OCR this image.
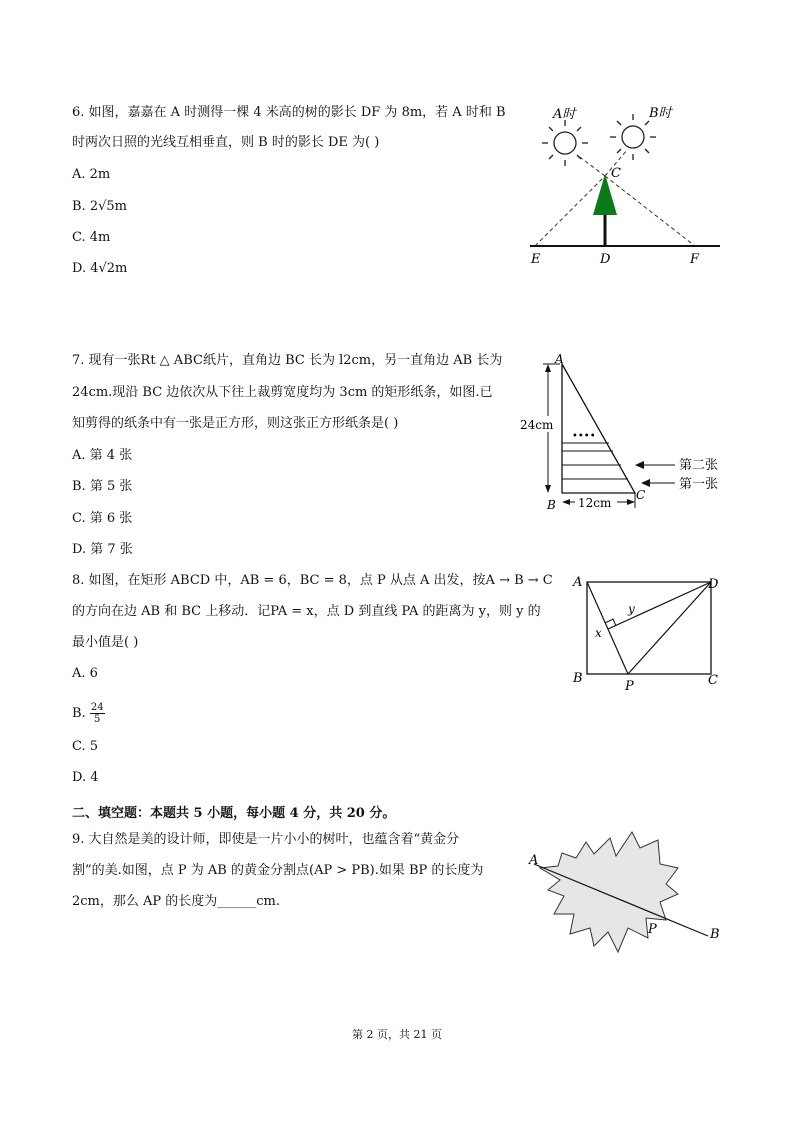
6. 如图，嘉嘉在 A 时测得一棵 4 米高的树的影长 DF 为 8m，若 A 时和 B
时两次日照的光线互相垂直，则 B 时的影长 DE 为( )
A. 2m
B. 2√5m
C. 4m
D. 4√2m
A时	B时
C
E	D	F
7. 现有一张Rt △ ABC纸片，直角边 BC 长为 l2cm，另一直角边 AB 长为
24cm.现沿 BC 边依次从下往上裁剪宽度均为 3cm 的矩形纸条，如图.已
知剪得的纸条中有一张是正方形，则这张正方形纸条是( )
A. 第 4 张
B. 第 5 张
C. 第 6 张
D. 第 7 张
••••
24cm
12cm
A
B
C
第二张
第一张
8. 如图，在矩形 ABCD 中，AB = 6，BC = 8，点 P 从点 A 出发，按A → B → C
的方向在边 AB 和 BC 上移动．记PA = x，点 D 到直线 PA 的距离为 y，则 y 的
最小值是( )
A. 6
B. $\frac{24}{5}$
C. 5
D. 4
A	D
B	C
P
x
y
二、填空题：本题共 5 小题，每小题 4 分，共 20 分。
9. 大自然是美的设计师，即使是一片小小的树叶，也蕴含着“黄金分
割”的美.如图，点 P 为 AB 的黄金分割点(AP > PB).如果 BP 的长度为
2cm，那么 AP 的长度为______cm.
A
P	B
第 2 页，共 21 页
